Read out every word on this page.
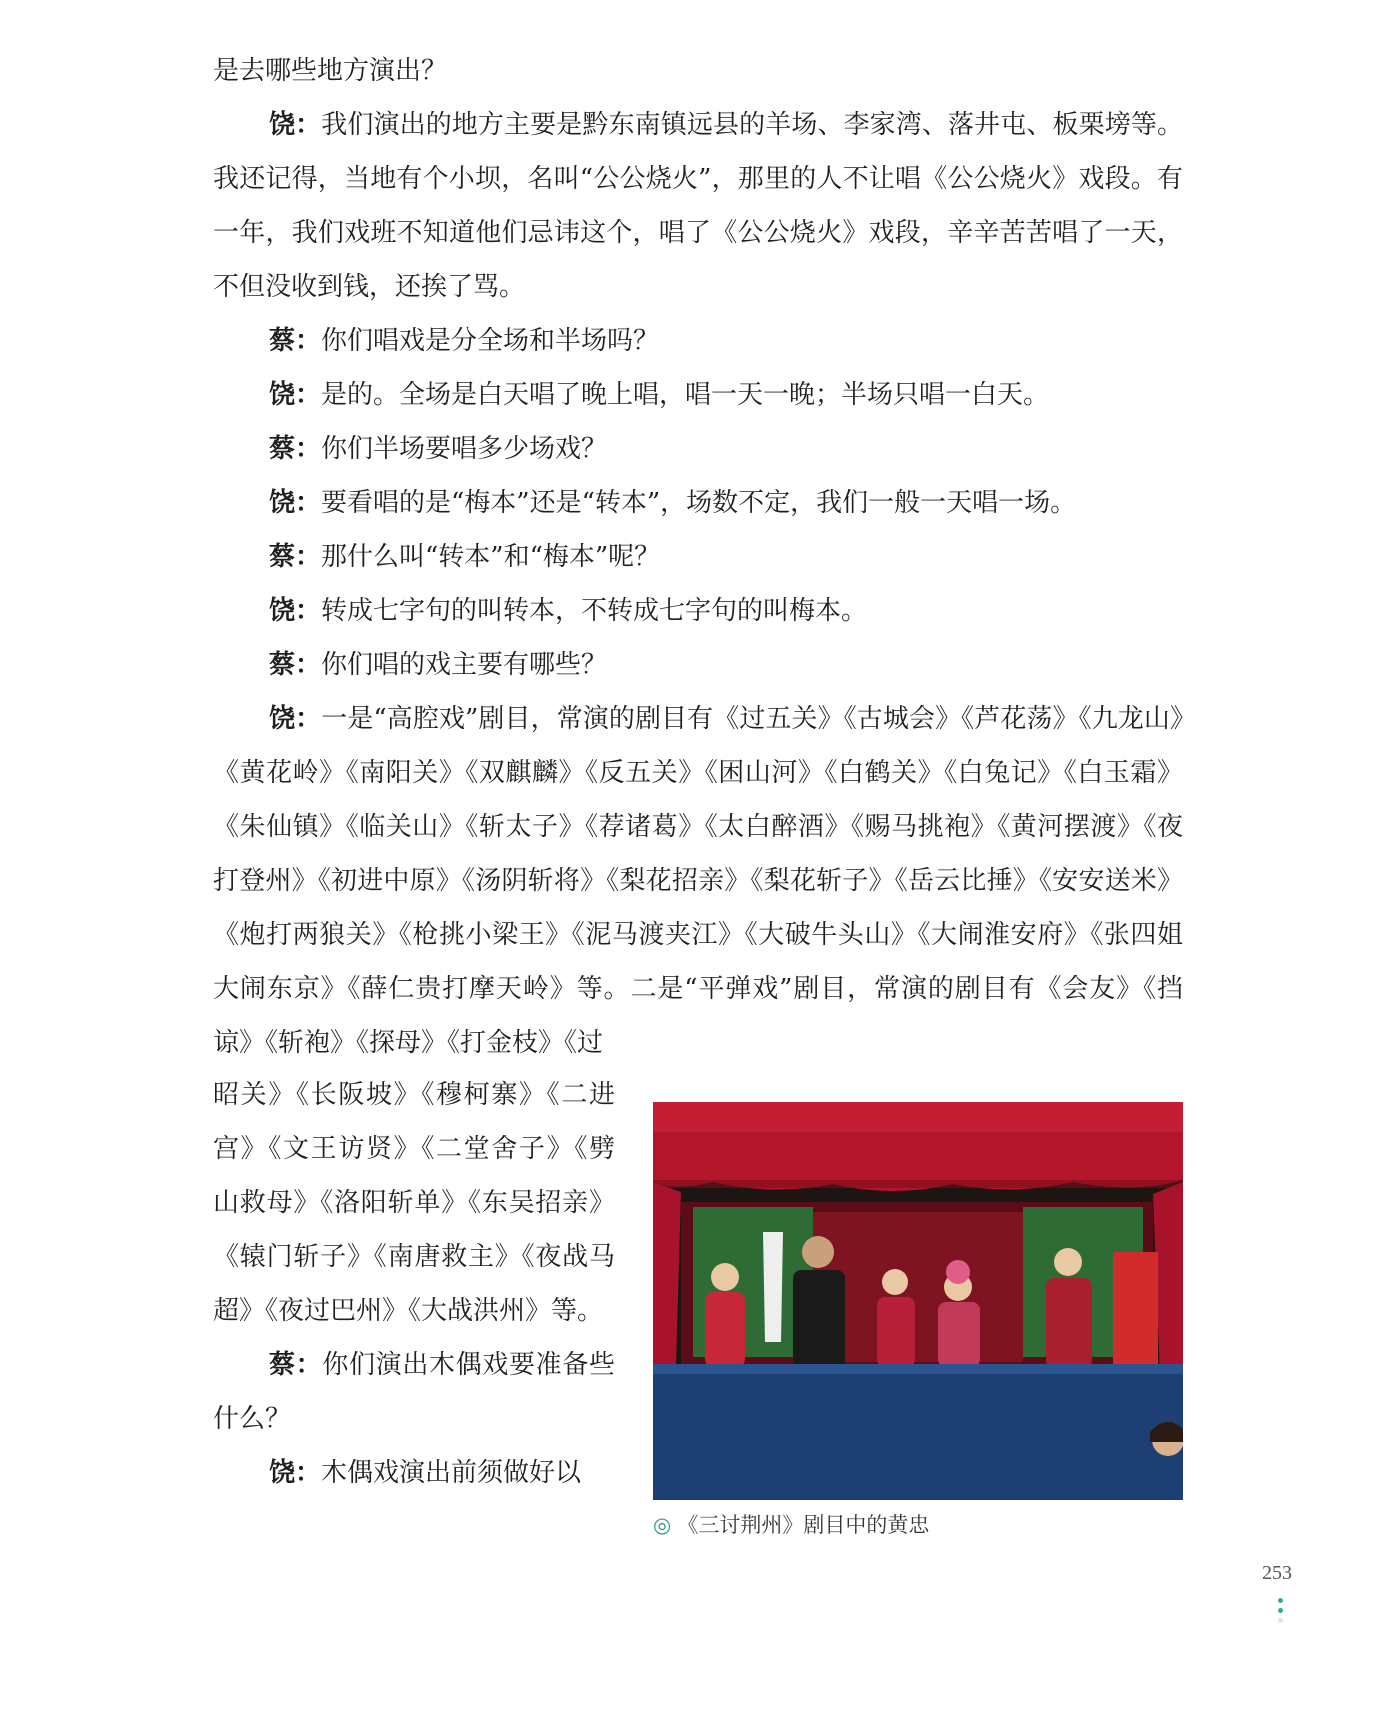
是去哪些地方演出？

饶：我们演出的地方主要是黔东南镇远县的羊场、李家湾、落井屯、板栗塝等。我还记得，当地有个小坝，名叫“公公烧火”，那里的人不让唱《公公烧火》戏段。有一年，我们戏班不知道他们忌讳这个，唱了《公公烧火》戏段，辛辛苦苦唱了一天，不但没收到钱，还挨了骂。

蔡：你们唱戏是分全场和半场吗？

饶：是的。全场是白天唱了晚上唱，唱一天一晚；半场只唱一白天。

蔡：你们半场要唱多少场戏？

饶：要看唱的是“梅本”还是“转本”，场数不定，我们一般一天唱一场。

蔡：那什么叫“转本”和“梅本”呢？

饶：转成七字句的叫转本，不转成七字句的叫梅本。

蔡：你们唱的戏主要有哪些？

饶：一是“高腔戏”剧目，常演的剧目有《过五关》《古城会》《芦花荡》《九龙山》《黄花岭》《南阳关》《双麒麟》《反五关》《困山河》《白鹤关》《白兔记》《白玉霜》《朱仙镇》《临关山》《斩太子》《荐诸葛》《太白醉酒》《赐马挑袍》《黄河摆渡》《夜打登州》《初进中原》《汤阴斩将》《梨花招亲》《梨花斩子》《岳云比捶》《安安送米》《炮打两狼关》《枪挑小梁王》《泥马渡夹江》《大破牛头山》《大闹淮安府》《张四姐大闹东京》《薛仁贵打摩天岭》等。二是“平弹戏”剧目，常演的剧目有《会友》《挡谅》《斩袍》《探母》《打金枝》《过

昭关》《长阪坡》《穆柯寨》《二进宫》《文王访贤》《二堂舍子》《劈山救母》《洛阳斩单》《东吴招亲》《辕门斩子》《南唐救主》《夜战马超》《夜过巴州》《大战洪州》等。

蔡：你们演出木偶戏要准备些什么？

饶：木偶戏演出前须做好以

◎ 《三讨荆州》剧目中的黄忠
253
